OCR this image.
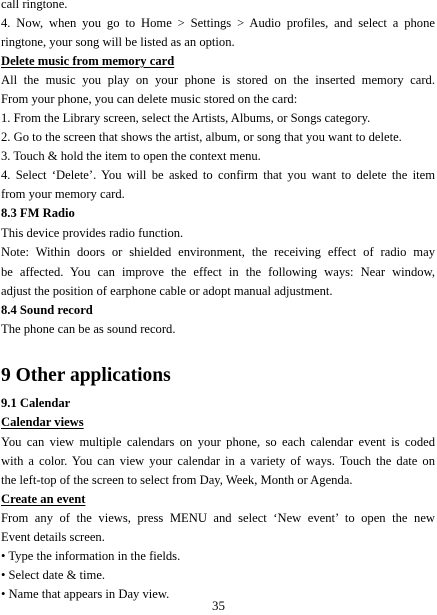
call ringtone.
4. Now, when you go to Home > Settings > Audio profiles, and select a phone
ringtone, your song will be listed as an option.
Delete music from memory card
All the music you play on your phone is stored on the inserted memory card.
From your phone, you can delete music stored on the card:
1. From the Library screen, select the Artists, Albums, or Songs category.
2. Go to the screen that shows the artist, album, or song that you want to delete.
3. Touch & hold the item to open the context menu.
4. Select ‘Delete’. You will be asked to confirm that you want to delete the item
from your memory card.
8.3 FM Radio
This device provides radio function.
Note: Within doors or shielded environment, the receiving effect of radio may
be affected. You can improve the effect in the following ways: Near window,
adjust the position of earphone cable or adopt manual adjustment.
8.4 Sound record
The phone can be as sound record.
9 Other applications
9.1 Calendar
Calendar views
You can view multiple calendars on your phone, so each calendar event is coded
with a color. You can view your calendar in a variety of ways. Touch the date on
the left-top of the screen to select from Day, Week, Month or Agenda.
Create an event
From any of the views, press MENU and select ‘New event’ to open the new
Event details screen.
• Type the information in the fields.
• Select date & time.
• Name that appears in Day view.
35
